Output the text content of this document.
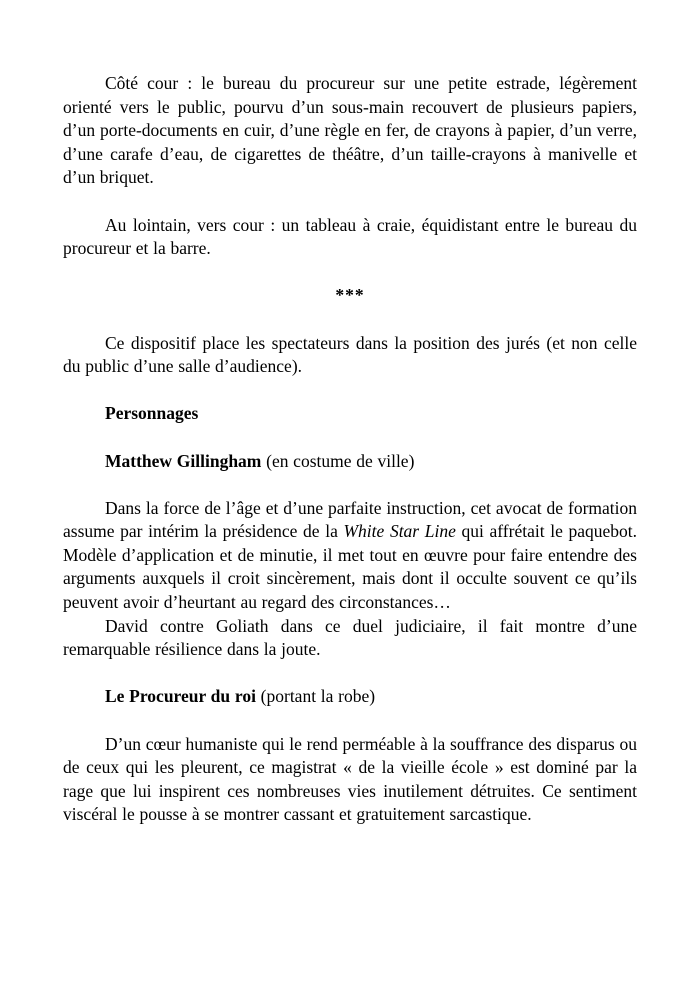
Côté cour : le bureau du procureur sur une petite estrade, légèrement orienté vers le public, pourvu d’un sous-main recouvert de plusieurs papiers, d’un porte-documents en cuir, d’une règle en fer, de crayons à papier, d’un verre, d’une carafe d’eau, de cigarettes de théâtre, d’un taille-crayons à manivelle et d’un briquet.

Au lointain, vers cour : un tableau à craie, équidistant entre le bureau du procureur et la barre.

***

Ce dispositif place les spectateurs dans la position des jurés (et non celle du public d’une salle d’audience).

Personnages

Matthew Gillingham (en costume de ville)

Dans la force de l’âge et d’une parfaite instruction, cet avocat de formation assume par intérim la présidence de la White Star Line qui affrétait le paquebot. Modèle d’application et de minutie, il met tout en œuvre pour faire entendre des arguments auxquels il croit sincèrement, mais dont il occulte souvent ce qu’ils peuvent avoir d’heurtant au regard des circonstances…

David contre Goliath dans ce duel judiciaire, il fait montre d’une remarquable résilience dans la joute.

Le Procureur du roi (portant la robe)

D’un cœur humaniste qui le rend perméable à la souffrance des disparus ou de ceux qui les pleurent, ce magistrat « de la vieille école » est dominé par la rage que lui inspirent ces nombreuses vies inutilement détruites. Ce sentiment viscéral le pousse à se montrer cassant et gratuitement sarcastique.
